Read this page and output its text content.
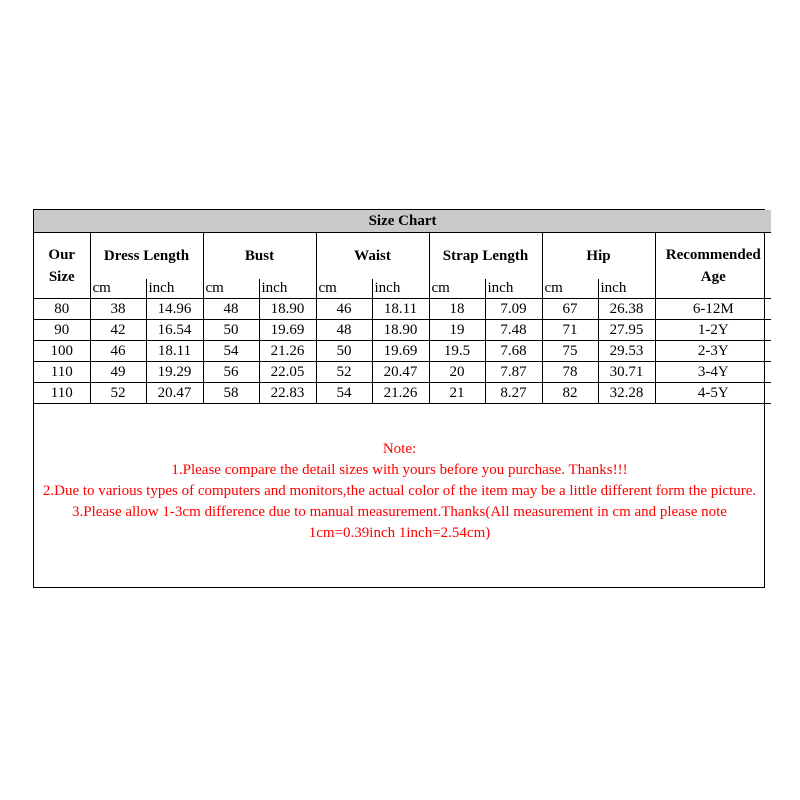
Size Chart											
Our Size	Dress Length		Bust		Waist		Strap Length		Hip		Recommended Age
	cm	inch	cm	inch	cm	inch	cm	inch	cm	inch	
80	38	14.96	48	18.90	46	18.11	18	7.09	67	26.38	6-12M
90	42	16.54	50	19.69	48	18.90	19	7.48	71	27.95	1-2Y
100	46	18.11	54	21.26	50	19.69	19.5	7.68	75	29.53	2-3Y
110	49	19.29	56	22.05	52	20.47	20	7.87	78	30.71	3-4Y
110	52	20.47	58	22.83	54	21.26	21	8.27	82	32.28	4-5Y
Note:
1.Please compare the detail sizes with yours before you purchase. Thanks!!!
2.Due to various types of computers and monitors,the actual color of the item may be a little different form the picture.
3.Please allow 1-3cm difference due to manual measurement.Thanks(All measurement in cm and please note 1cm=0.39inch 1inch=2.54cm)
